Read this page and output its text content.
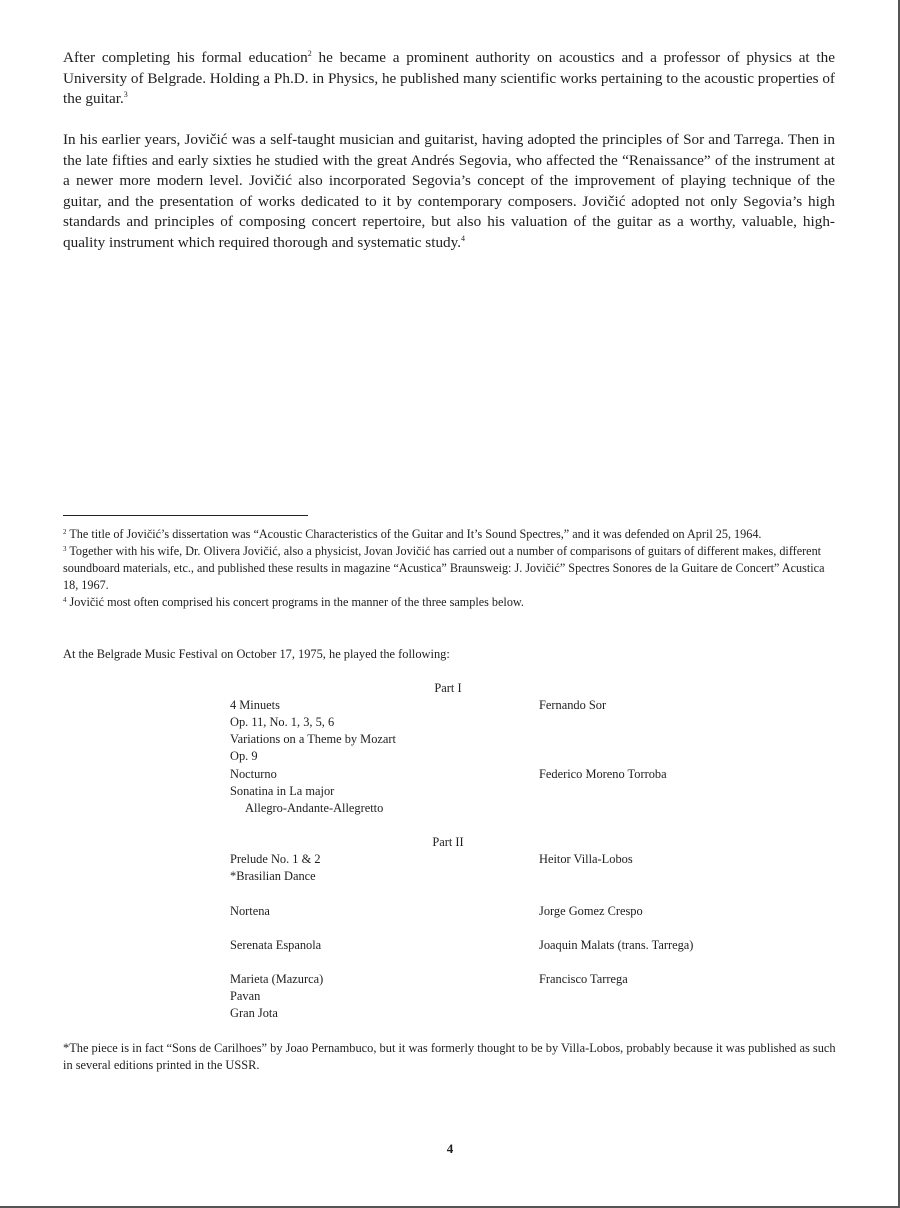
After completing his formal education$^2$ he became a prominent authority on acoustics and a professor of physics at the University of Belgrade. Holding a Ph.D. in Physics, he published many scientific works pertaining to the acoustic properties of the guitar.$^3$

In his earlier years, Jovičić was a self-taught musician and guitarist, having adopted the principles of Sor and Tarrega. Then in the late fifties and early sixties he studied with the great Andrés Segovia, who affected the “Renaissance” of the instrument at a newer more modern level. Jovičić also incorporated Segovia’s concept of the improvement of playing technique of the guitar, and the presentation of works dedicated to it by contemporary composers. Jovičić adopted not only Segovia’s high standards and principles of composing concert repertoire, but also his valuation of the guitar as a worthy, valuable, high-quality instrument which required thorough and systematic study.$^4$

$^2$ The title of Jovičić’s dissertation was “Acoustic Characteristics of the Guitar and It’s Sound Spectres,” and it was defended on April 25, 1964.

$^3$ Together with his wife, Dr. Olivera Jovičić, also a physicist, Jovan Jovičić has carried out a number of comparisons of guitars of different makes, different soundboard materials, etc., and published these results in magazine “Acustica” Braunsweig: J. Jovičić” Spectres Sonores de la Guitare de Concert” Acustica 18, 1967.

$^4$ Jovičić most often comprised his concert programs in the manner of the three samples below.

At the Belgrade Music Festival on October 17, 1975, he played the following:

Part I
4 Minuets	Fernando Sor
Op. 11, No. 1, 3, 5, 6
Variations on a Theme by Mozart
Op. 9
Nocturno	Federico Moreno Torroba
Sonatina in La major
Allegro-Andante-Allegretto
Part II
Prelude No. 1 & 2	Heitor Villa-Lobos
*Brasilian Dance
Nortena	Jorge Gomez Crespo
Serenata Espanola	Joaquin Malats (trans. Tarrega)
Marieta (Mazurca)	Francisco Tarrega
Pavan
Gran Jota

*The piece is in fact “Sons de Carilhoes” by Joao Pernambuco, but it was formerly thought to be by Villa-Lobos, probably because it was published as such in several editions printed in the USSR.

4
